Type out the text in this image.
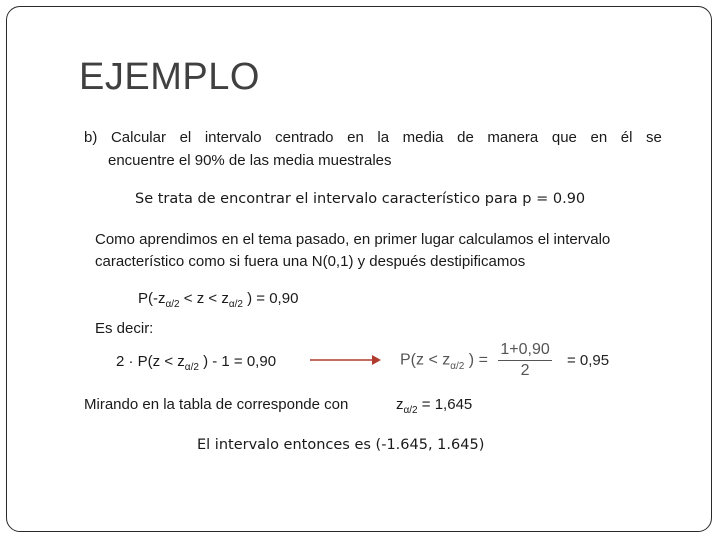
EJEMPLO
b) Calcular el intervalo centrado en la media de manera que en él se
encuentre el 90% de las media muestrales
Se trata de encontrar el intervalo característico para p = 0.90
Como aprendimos en el tema pasado, en primer lugar calculamos el intervalo
característico como si fuera una N(0,1) y después destipificamos
$P(-z_{\alpha/2} < z < z_{\alpha/2}$ ) = 0,90
Es decir:
$2 \cdot P(z < z_{\alpha/2}$ ) - 1 = 0,90	$P(z < z_{\alpha/2}$ ) = $\frac{1+0,90}{2} = 0,95$
Mirando en la tabla de corresponde con	$z_{\alpha/2} = 1,645$
El intervalo entonces es (-1.645, 1.645)
